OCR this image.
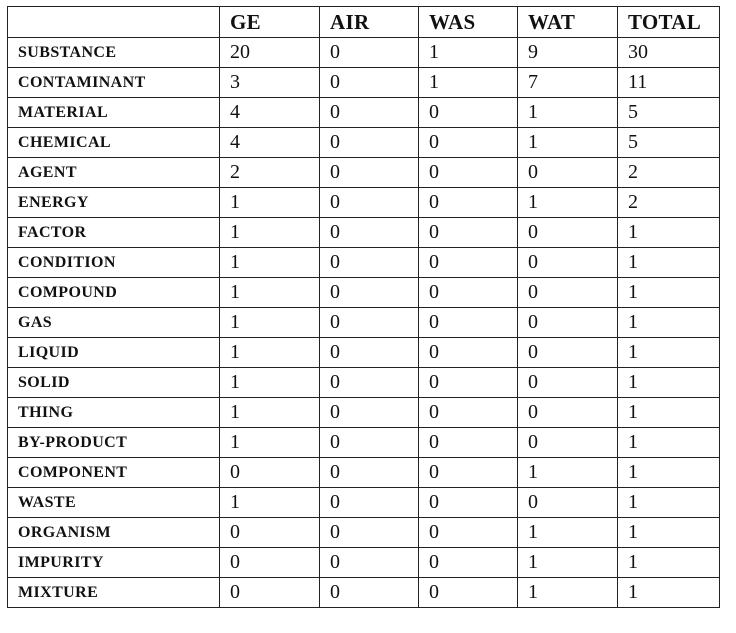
	GE	AIR	WAS	WAT	TOTAL
SUBSTANCE	20	0	1	9	30
CONTAMINANT	3	0	1	7	11
MATERIAL	4	0	0	1	5
CHEMICAL	4	0	0	1	5
AGENT	2	0	0	0	2
ENERGY	1	0	0	1	2
FACTOR	1	0	0	0	1
CONDITION	1	0	0	0	1
COMPOUND	1	0	0	0	1
GAS	1	0	0	0	1
LIQUID	1	0	0	0	1
SOLID	1	0	0	0	1
THING	1	0	0	0	1
BY-PRODUCT	1	0	0	0	1
COMPONENT	0	0	0	1	1
WASTE	1	0	0	0	1
ORGANISM	0	0	0	1	1
IMPURITY	0	0	0	1	1
MIXTURE	0	0	0	1	1
